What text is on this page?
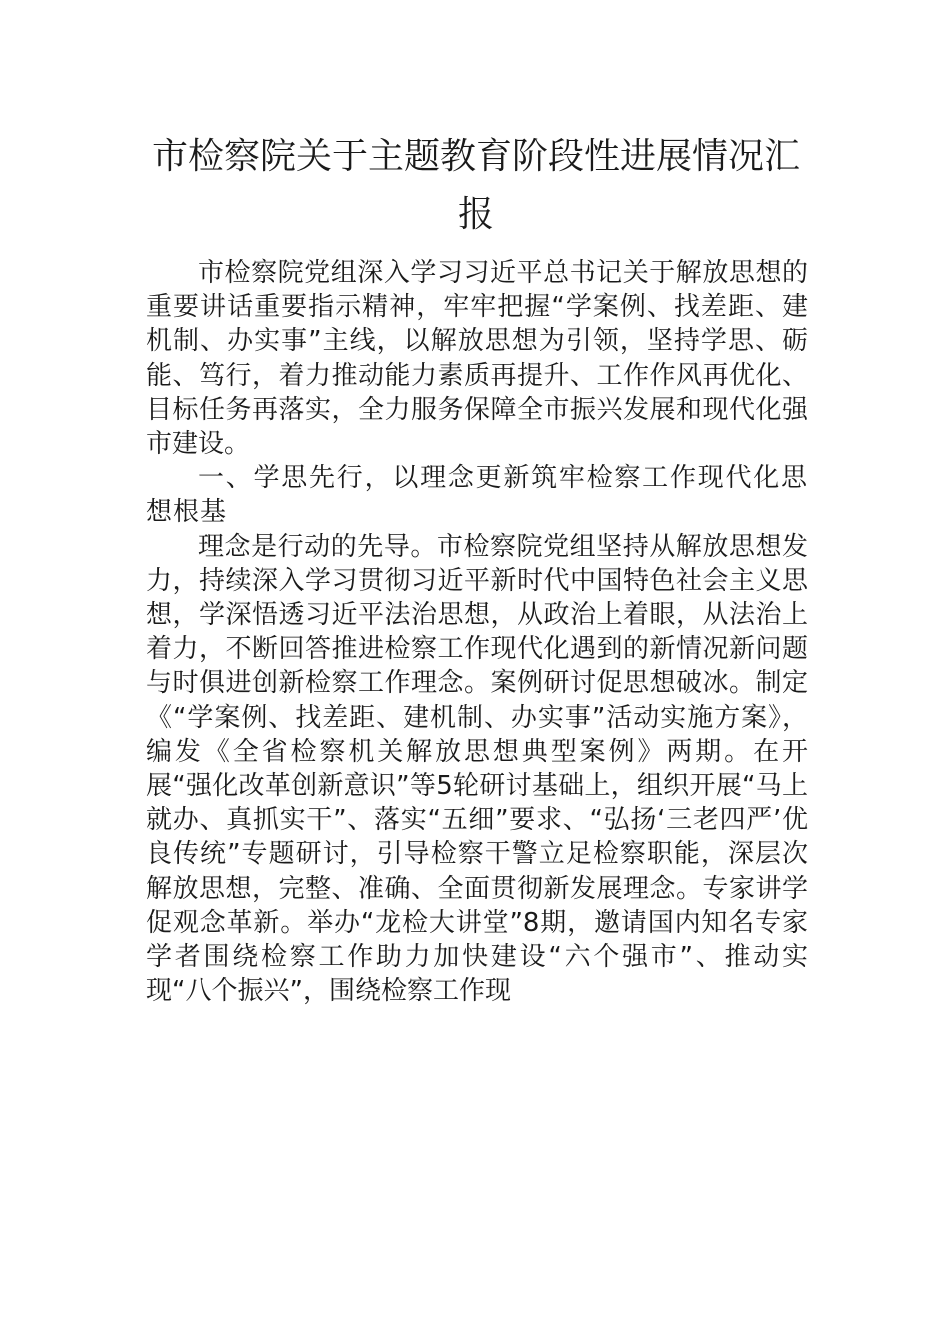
市检察院关于主题教育阶段性进展情况汇报

市检察院党组深入学习习近平总书记关于解放思想的重要讲话重要指示精神，牢牢把握“学案例、找差距、建机制、办实事”主线，以解放思想为引领，坚持学思、砺能、笃行，着力推动能力素质再提升、工作作风再优化、目标任务再落实，全力服务保障全市振兴发展和现代化强市建设。

一、学思先行，以理念更新筑牢检察工作现代化思想根基

理念是行动的先导。市检察院党组坚持从解放思想发力，持续深入学习贯彻习近平新时代中国特色社会主义思想，学深悟透习近平法治思想，从政治上着眼，从法治上着力，不断回答推进检察工作现代化遇到的新情况新问题与时俱进创新检察工作理念。案例研讨促思想破冰。制定《“学案例、找差距、建机制、办实事”活动实施方案》，编发《全省检察机关解放思想典型案例》两期。在开展“强化改革创新意识”等5轮研讨基础上，组织开展“马上就办、真抓实干”、落实“五细”要求、“弘扬‘三老四严’优良传统”专题研讨，引导检察干警立足检察职能，深层次解放思想，完整、准确、全面贯彻新发展理念。专家讲学促观念革新。举办“龙检大讲堂”8期，邀请国内知名专家学者围绕检察工作助力加快建设“六个强市”、推动实现“八个振兴”，围绕检察工作现
